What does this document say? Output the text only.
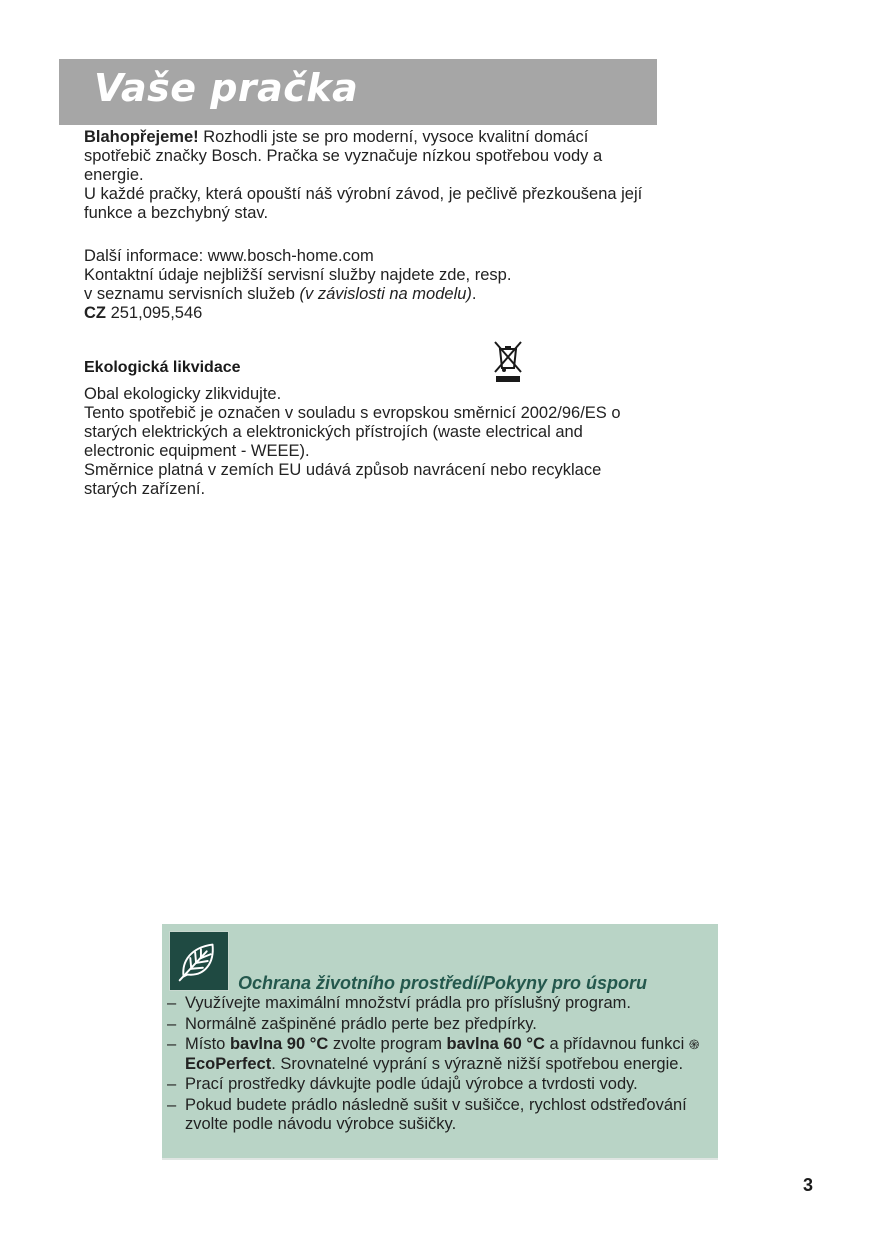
Vaše pračka

Blahopřejeme! Rozhodli jste se pro moderní, vysoce kvalitní domácí spotřebič značky Bosch. Pračka se vyznačuje nízkou spotřebou vody a energie.

U každé pračky, která opouští náš výrobní závod, je pečlivě přezkoušena její funkce a bezchybný stav.

Další informace: www.bosch-home.com

Kontaktní údaje nejbližší servisní služby najdete zde, resp.
v seznamu servisních služeb (v závislosti na modelu).

CZ 251,095,546

Ekologická likvidace

Obal ekologicky zlikvidujte.

Tento spotřebič je označen v souladu s evropskou směrnicí 2002/96/ES o starých elektrických a elektronických přístrojích (waste electrical and electronic equipment - WEEE).

Směrnice platná v zemích EU udává způsob navrácení nebo recyklace starých zařízení.

Ochrana životního prostředí/Pokyny pro úsporu
– Využívejte maximální množství prádla pro příslušný program.
– Normálně zašpiněné prádlo perte bez předpírky.
– Místo bavlna 90 °C zvolte program bavlna 60 °C a přídavnou funkci ֍ EcoPerfect. Srovnatelné vyprání s výrazně nižší spotřebou energie.
– Prací prostředky dávkujte podle údajů výrobce a tvrdosti vody.
– Pokud budete prádlo následně sušit v sušičce, rychlost odstřeďování zvolte podle návodu výrobce sušičky.
3
